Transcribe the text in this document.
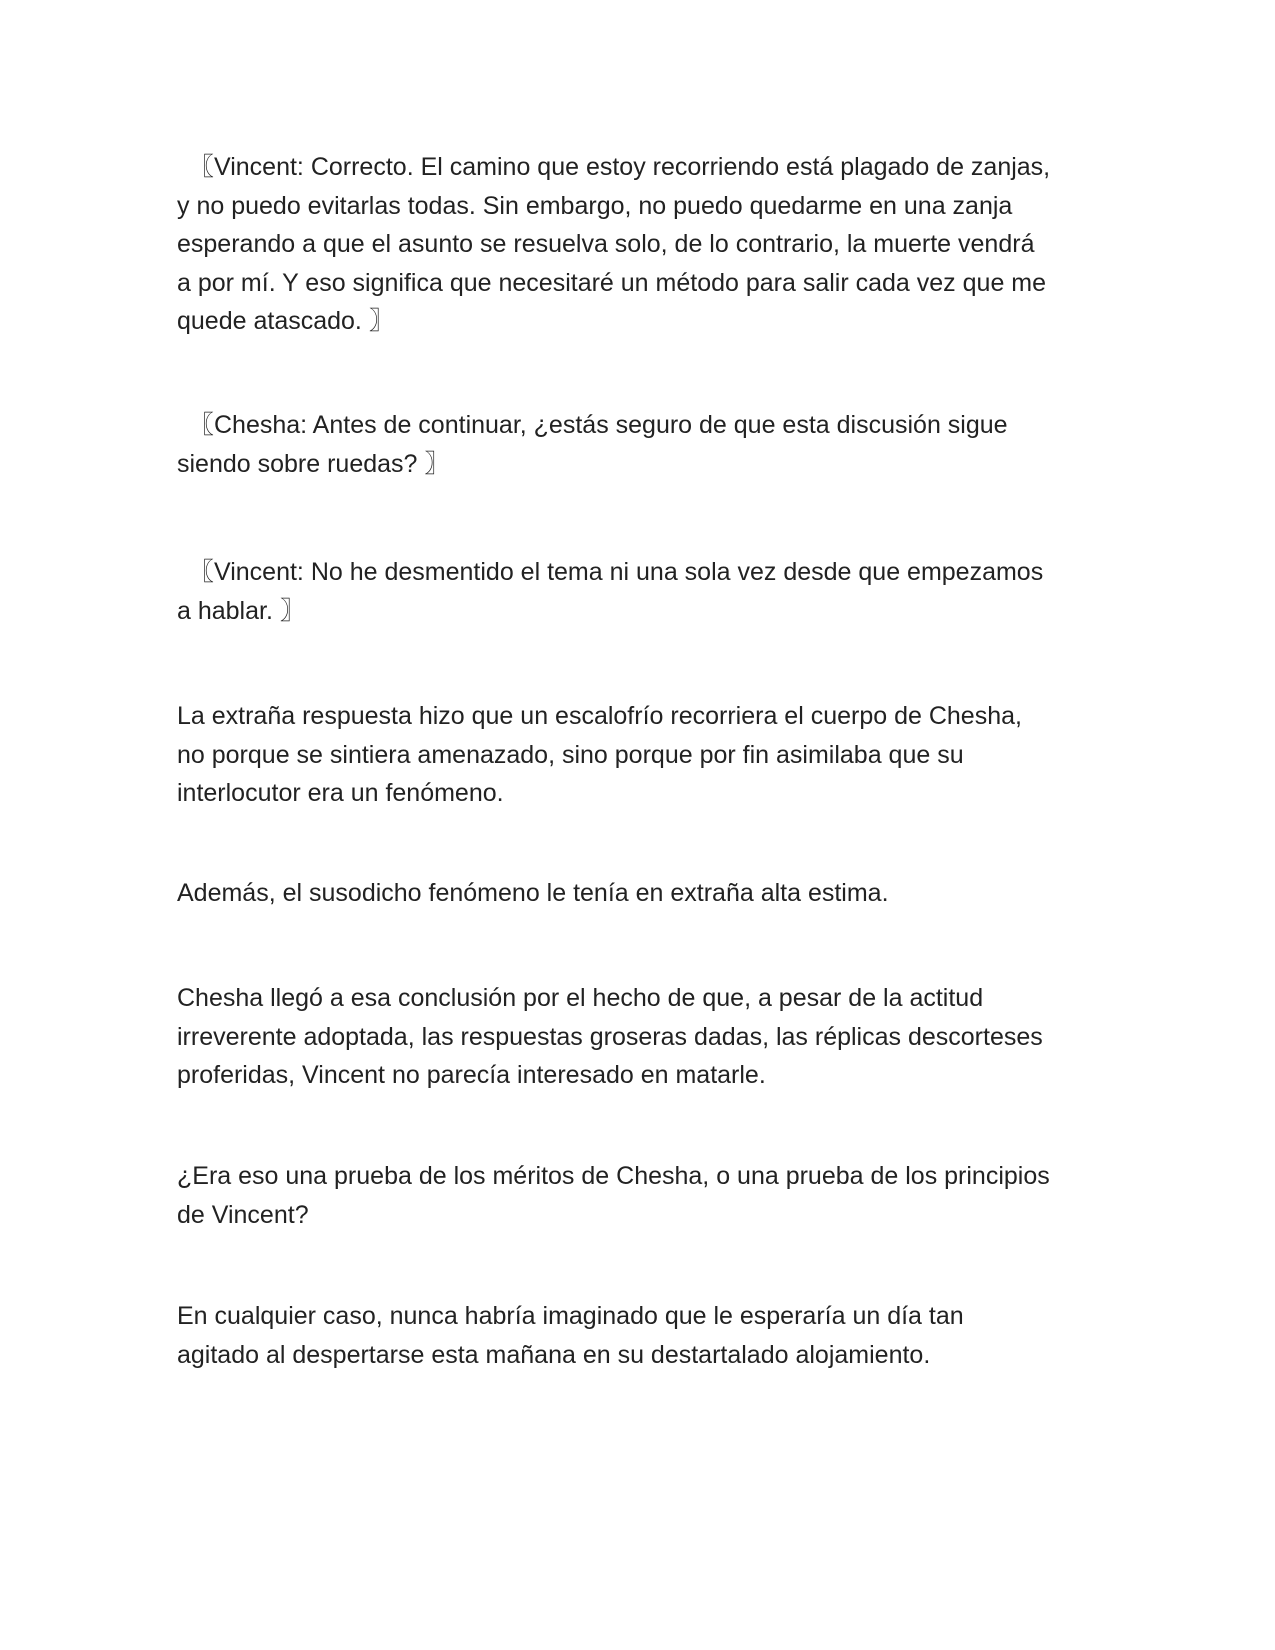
〖Vincent: Correcto. El camino que estoy recorriendo está plagado de zanjas,
y no puedo evitarlas todas. Sin embargo, no puedo quedarme en una zanja
esperando a que el asunto se resuelva solo, de lo contrario, la muerte vendrá
a por mí. Y eso significa que necesitaré un método para salir cada vez que me
quede atascado. 〗

〖Chesha: Antes de continuar, ¿estás seguro de que esta discusión sigue
siendo sobre ruedas? 〗

〖Vincent: No he desmentido el tema ni una sola vez desde que empezamos
a hablar. 〗

La extraña respuesta hizo que un escalofrío recorriera el cuerpo de Chesha,
no porque se sintiera amenazado, sino porque por fin asimilaba que su
interlocutor era un fenómeno.

Además, el susodicho fenómeno le tenía en extraña alta estima.

Chesha llegó a esa conclusión por el hecho de que, a pesar de la actitud
irreverente adoptada, las respuestas groseras dadas, las réplicas descorteses
proferidas, Vincent no parecía interesado en matarle.

¿Era eso una prueba de los méritos de Chesha, o una prueba de los principios
de Vincent?

En cualquier caso, nunca habría imaginado que le esperaría un día tan
agitado al despertarse esta mañana en su destartalado alojamiento.
